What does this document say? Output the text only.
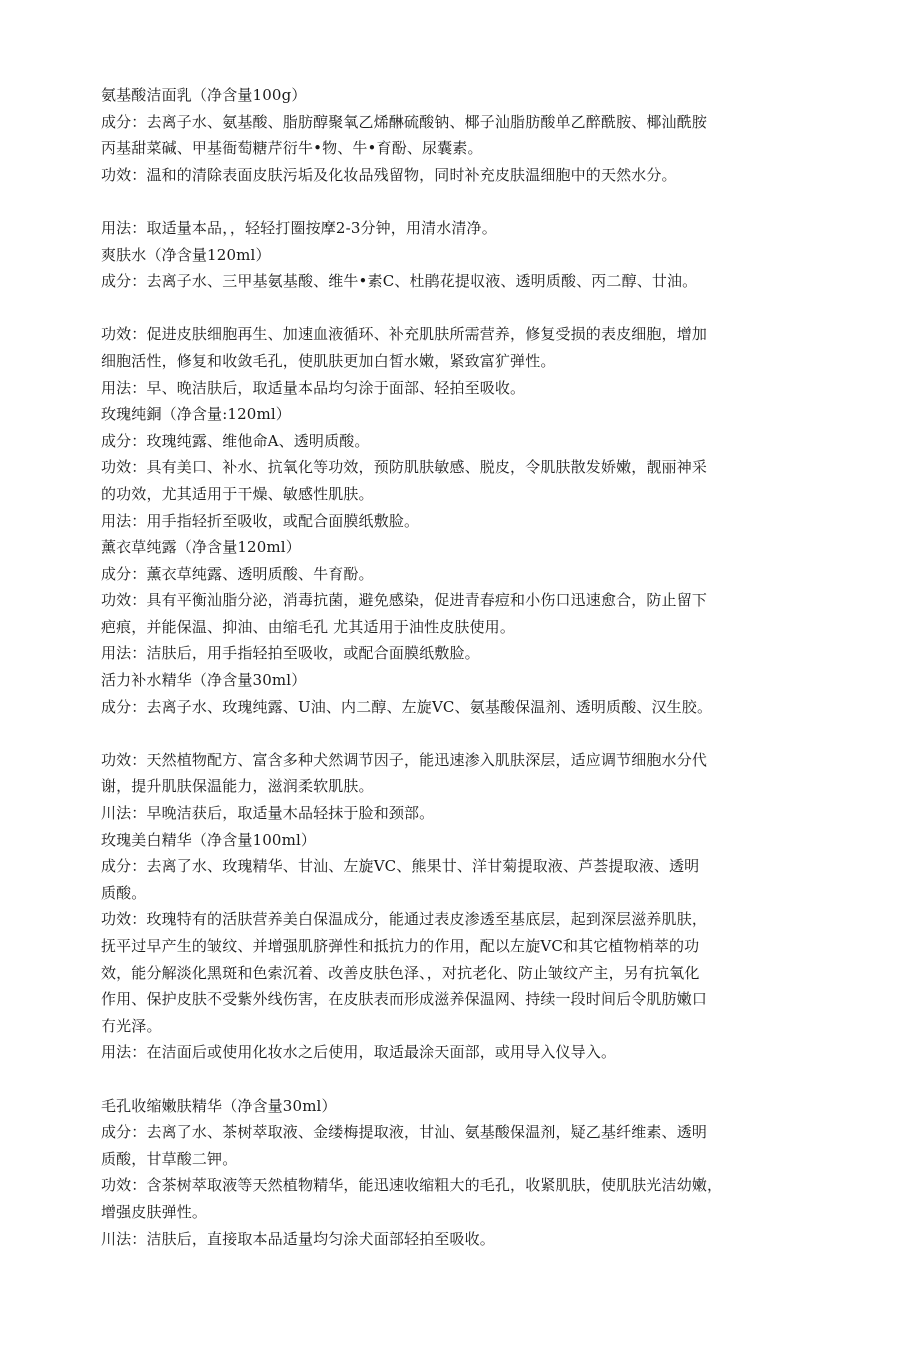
氨基酸洁面乳（净含量100g）
成分：去离子水、氨基酸、脂肪醇聚氧乙烯醂硫酸钠、椰子汕脂肪酸单乙醉酰胺、椰汕酰胺
丙基甜菜碱、甲基衙萄糖芹衍牛•物、牛•育酚、尿囊素。
功效：温和的清除表面皮肤污垢及化妆品残留物，同时补充皮肤温细胞中的天然水分。
用法：取适量本品，，轻轻打圈按摩2-3分钟，用清水清净。
爽肤水（净含量120ml）
成分：去离子水、三甲基氨基酸、维牛•素C、杜鹃花提収液、透明质酸、丙二醇、廿油。
功效：促进皮肤细胞再生、加速血液循环、补充肌肤所需营养，修复受损的表皮细胞，增加
细胞活性，修复和收敛毛孔，使肌肤更加白皙水嫩，紧致富犷弹性。
用法：早、晚洁肤后，取适量本品均匀涂于面部、轻拍至吸收。
玫瑰纯銅（净含量:120ml）
成分：玫瑰纯露、维他命A、透明质酸。
功效：具有美口、补水、抗氧化等功效，预防肌肤敏感、脱皮，令肌肤散发娇嫩，靓丽神采
的功效，尤其适用于干燥、敏感性肌肤。
用法：用手指轻折至吸收，或配合面膜纸敷脸。
薰衣草纯露（净含量120ml）
成分：薰衣草纯露、透明质酸、牛育酚。
功效：具有平衡汕脂分泌，消毒抗菌，避免感染，促进青春痘和小伤口迅速愈合，防止留下
疤痕，并能保温、抑油、由缩毛孔 尤其适用于油性皮肤使用。
用法：洁肤后，用手指轻拍至吸收，或配合面膜纸敷脸。
活力补水精华（净含量30ml）
成分：去离子水、玫瑰纯露、U油、内二醇、左旋VC、氨基酸保温剂、透明质酸、汉生胶。
功效：天然植物配方、富含多种犬然调节因子，能迅速渗入肌肤深层，适应调节细胞水分代
谢，提升肌肤保温能力，滋润柔软肌肤。
川法：早晚洁获后，取适量木品轻抹于脸和颈部。
玫瑰美白精华（净含量100ml）
成分：去离了水、玫瑰精华、甘汕、左旋VC、熊果廿、洋甘菊提取液、芦荟提取液、透明
质酸。
功效：玫瑰特有的活肤营养美白保温成分，能通过表皮渗透至基底层，起到深层滋养肌肤，
抚平过早产生的皱纹、并增强肌脐弹性和抵抗力的作用，配以左旋VC和其它植物梢萃的功
效，能分解淡化黑斑和色索沉着、改善皮肤色泽、，对抗老化、防止皱纹产主，另有抗氧化
作用、保护皮肤不受紫外线伤害，在皮肤表而形成滋养保温网、持续一段时间后令肌肪嫩口
冇光泽。
用法：在洁面后或使用化妆水之后使用，取适最涂天面部，或用导入仪导入。
毛孔收缩嫩肤精华（净含量30ml）
成分：去离了水、茶树萃取液、金缕梅提取液，甘汕、氨基酸保温剂，疑乙基纤维素、透明
质酸，甘草酸二钾。
功效：含茶树萃取液等天然植物精华，能迅速收缩粗大的毛孔，收紧肌肤，使肌肤光洁幼嫩，
增强皮肤弹性。
川法：洁肤后，直接取本品适量均匀涂犬面部轻拍至吸收。
